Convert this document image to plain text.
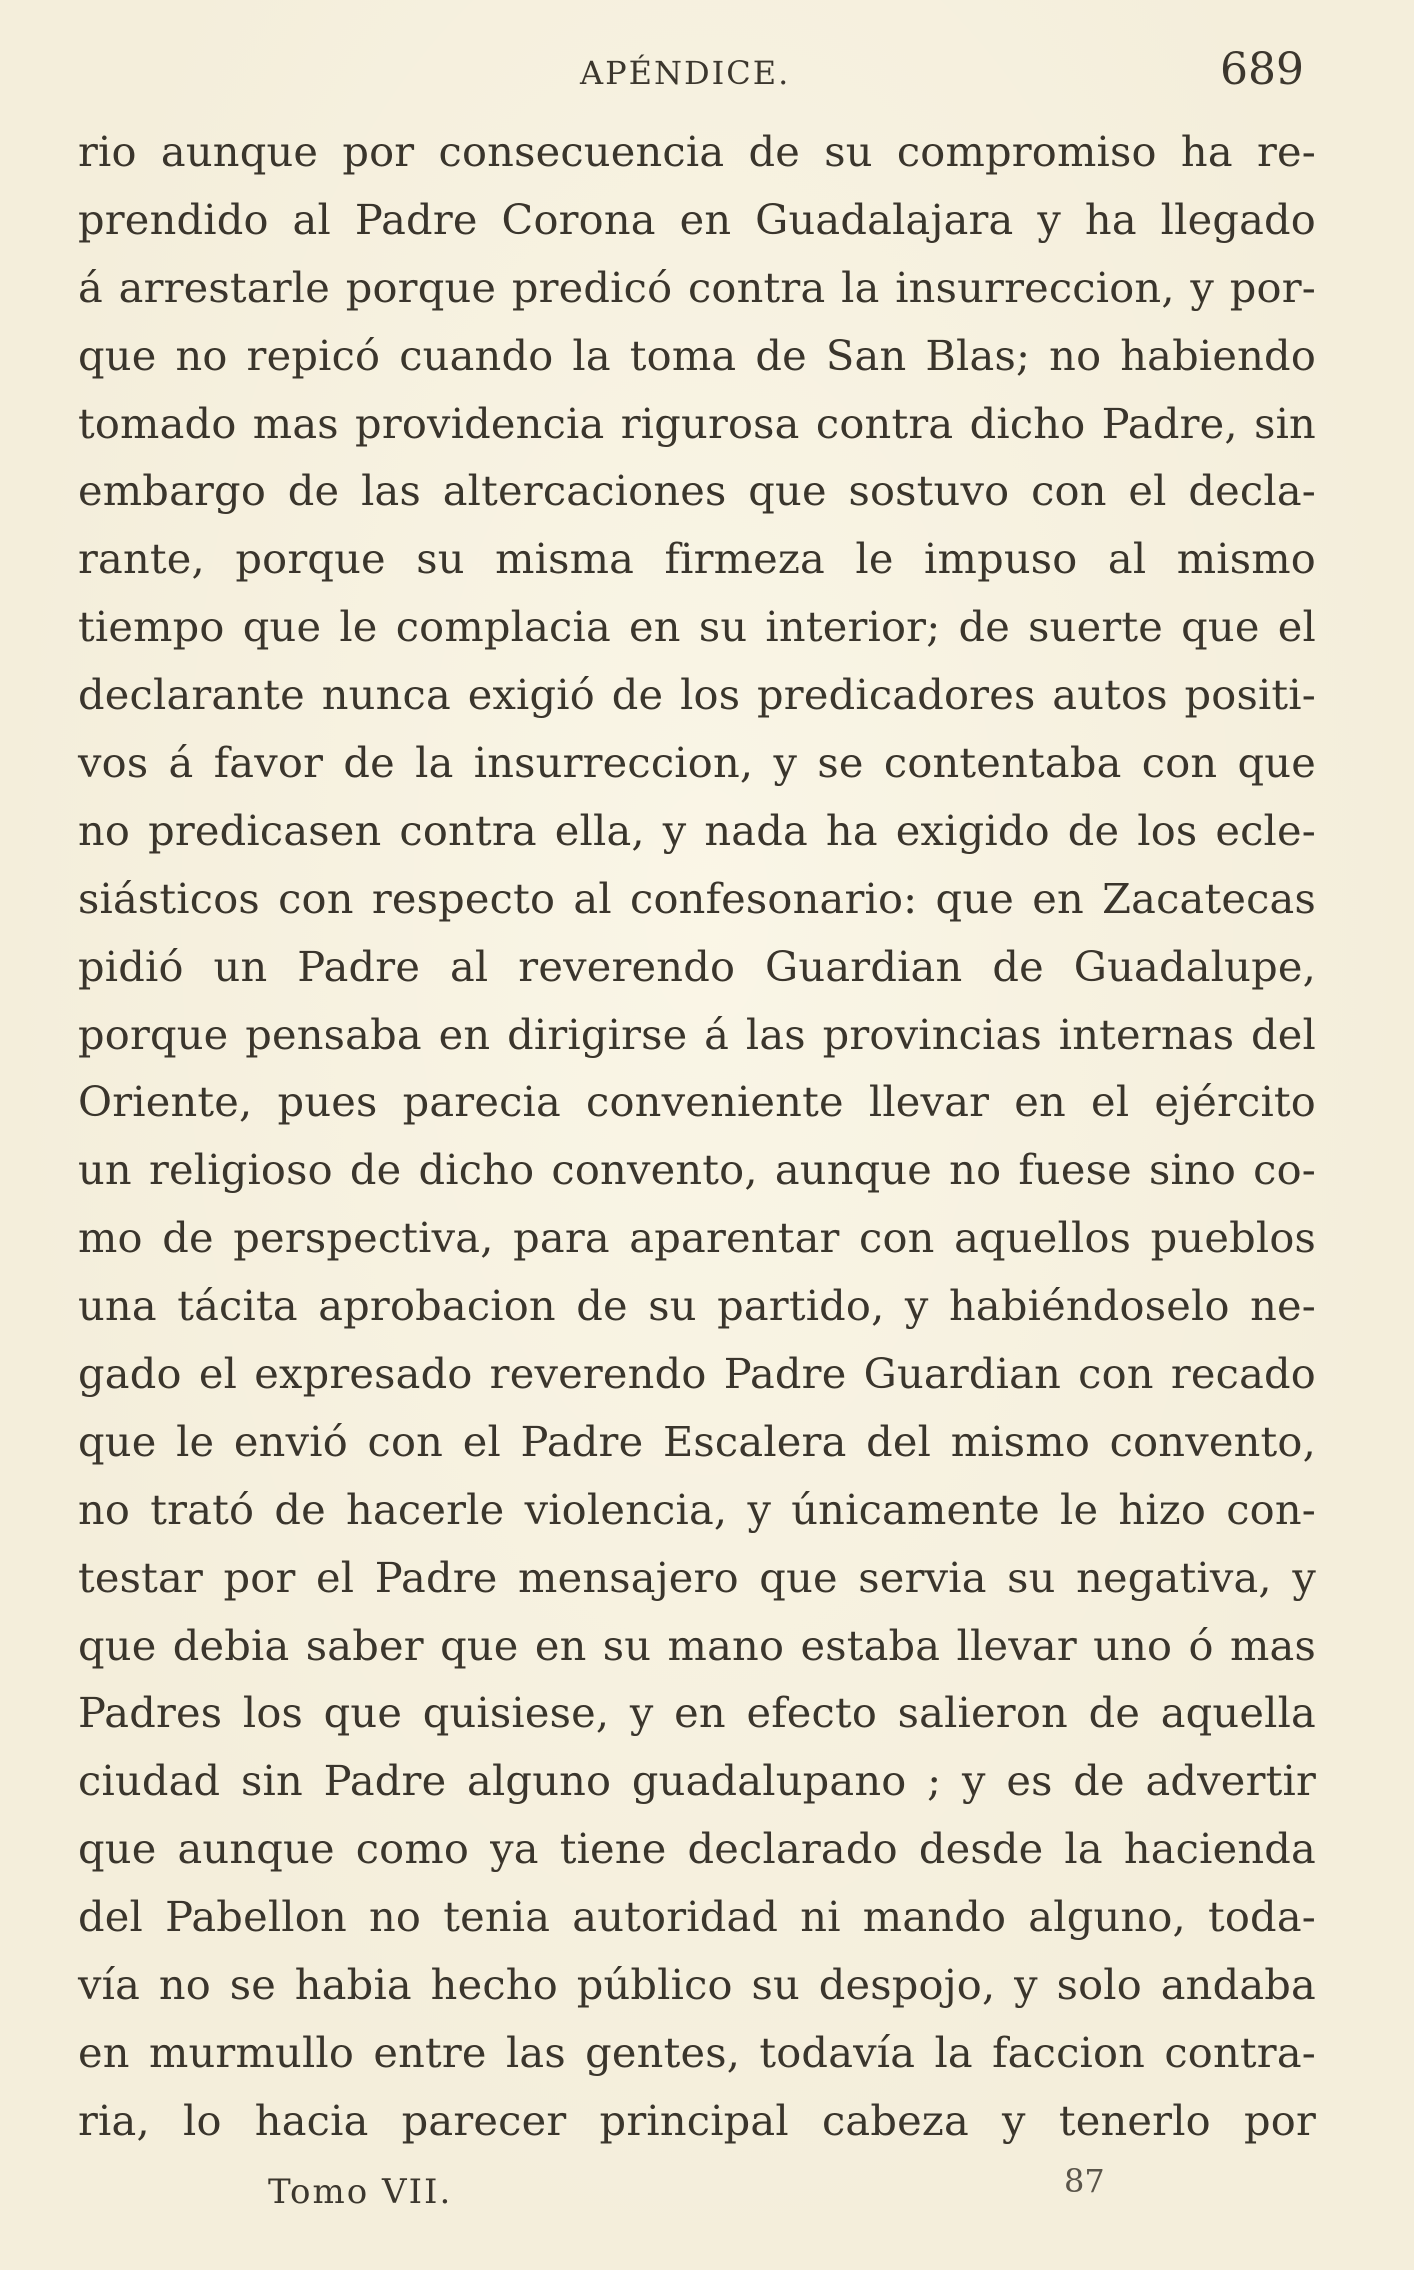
APÉNDICE.	689
rio aunque por consecuencia de su compromiso ha re-
prendido al Padre Corona en Guadalajara y ha llegado
á arrestarle porque predicó contra la insurreccion, y por-
que no repicó cuando la toma de San Blas; no habiendo
tomado mas providencia rigurosa contra dicho Padre, sin
embargo de las altercaciones que sostuvo con el decla-
rante, porque su misma firmeza le impuso al mismo
tiempo que le complacia en su interior; de suerte que el
declarante nunca exigió de los predicadores autos positi-
vos á favor de la insurreccion, y se contentaba con que
no predicasen contra ella, y nada ha exigido de los ecle-
siásticos con respecto al confesonario: que en Zacatecas
pidió un Padre al reverendo Guardian de Guadalupe,
porque pensaba en dirigirse á las provincias internas del
Oriente, pues parecia conveniente llevar en el ejército
un religioso de dicho convento, aunque no fuese sino co-
mo de perspectiva, para aparentar con aquellos pueblos
una tácita aprobacion de su partido, y habiéndoselo ne-
gado el expresado reverendo Padre Guardian con recado
que le envió con el Padre Escalera del mismo convento,
no trató de hacerle violencia, y únicamente le hizo con-
testar por el Padre mensajero que servia su negativa, y
que debia saber que en su mano estaba llevar uno ó mas
Padres los que quisiese, y en efecto salieron de aquella
ciudad sin Padre alguno guadalupano ; y es de advertir
que aunque como ya tiene declarado desde la hacienda
del Pabellon no tenia autoridad ni mando alguno, toda-
vía no se habia hecho público su despojo, y solo andaba
en murmullo entre las gentes, todavía la faccion contra-
ria, lo hacia parecer principal cabeza y tenerlo por
Tomo VII.	87
